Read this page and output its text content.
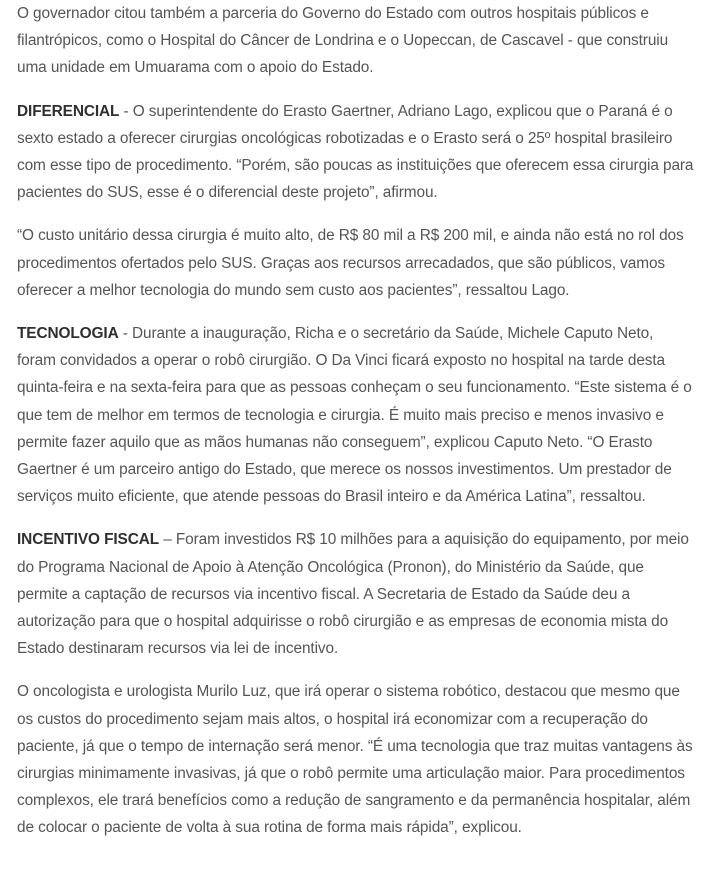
O governador citou também a parceria do Governo do Estado com outros hospitais públicos e filantrópicos, como o Hospital do Câncer de Londrina e o Uopeccan, de Cascavel - que construiu uma unidade em Umuarama com o apoio do Estado.

DIFERENCIAL - O superintendente do Erasto Gaertner, Adriano Lago, explicou que o Paraná é o sexto estado a oferecer cirurgias oncológicas robotizadas e o Erasto será o 25º hospital brasileiro com esse tipo de procedimento. “Porém, são poucas as instituições que oferecem essa cirurgia para pacientes do SUS, esse é o diferencial deste projeto”, afirmou.

“O custo unitário dessa cirurgia é muito alto, de R$ 80 mil a R$ 200 mil, e ainda não está no rol dos procedimentos ofertados pelo SUS. Graças aos recursos arrecadados, que são públicos, vamos oferecer a melhor tecnologia do mundo sem custo aos pacientes”, ressaltou Lago.

TECNOLOGIA - Durante a inauguração, Richa e o secretário da Saúde, Michele Caputo Neto, foram convidados a operar o robô cirurgião. O Da Vinci ficará exposto no hospital na tarde desta quinta-feira e na sexta-feira para que as pessoas conheçam o seu funcionamento. “Este sistema é o que tem de melhor em termos de tecnologia e cirurgia. É muito mais preciso e menos invasivo e permite fazer aquilo que as mãos humanas não conseguem”, explicou Caputo Neto. “O Erasto Gaertner é um parceiro antigo do Estado, que merece os nossos investimentos. Um prestador de serviços muito eficiente, que atende pessoas do Brasil inteiro e da América Latina”, ressaltou.

INCENTIVO FISCAL – Foram investidos R$ 10 milhões para a aquisição do equipamento, por meio do Programa Nacional de Apoio à Atenção Oncológica (Pronon), do Ministério da Saúde, que permite a captação de recursos via incentivo fiscal. A Secretaria de Estado da Saúde deu a autorização para que o hospital adquirisse o robô cirurgião e as empresas de economia mista do Estado destinaram recursos via lei de incentivo.

O oncologista e urologista Murilo Luz, que irá operar o sistema robótico, destacou que mesmo que os custos do procedimento sejam mais altos, o hospital irá economizar com a recuperação do paciente, já que o tempo de internação será menor. “É uma tecnologia que traz muitas vantagens às cirurgias minimamente invasivas, já que o robô permite uma articulação maior. Para procedimentos complexos, ele trará benefícios como a redução de sangramento e da permanência hospitalar, além de colocar o paciente de volta à sua rotina de forma mais rápida”, explicou.
